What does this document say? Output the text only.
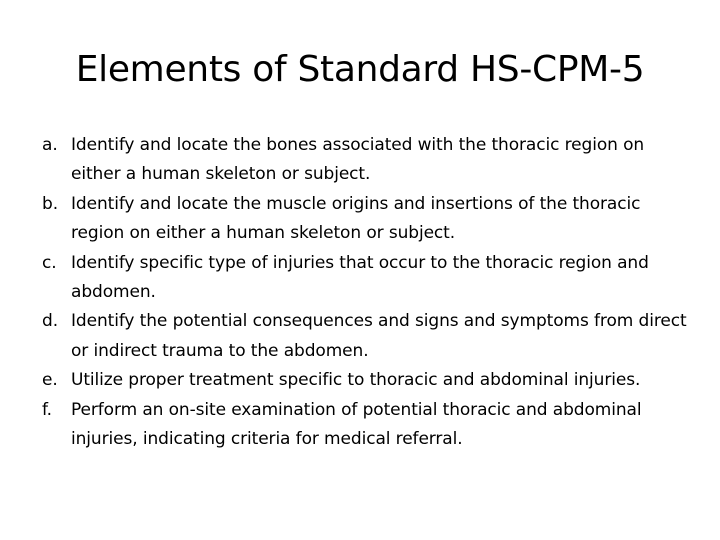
Elements of Standard HS-CPM-5
a. Identify and locate the bones associated with the thoracic region on either a human skeleton or subject.
b. Identify and locate the muscle origins and insertions of the thoracic region on either a human skeleton or subject.
c. Identify specific type of injuries that occur to the thoracic region and abdomen.
d. Identify the potential consequences and signs and symptoms from direct or indirect trauma to the abdomen.
e. Utilize proper treatment specific to thoracic and abdominal injuries.
f. Perform an on-site examination of potential thoracic and abdominal injuries, indicating criteria for medical referral.
